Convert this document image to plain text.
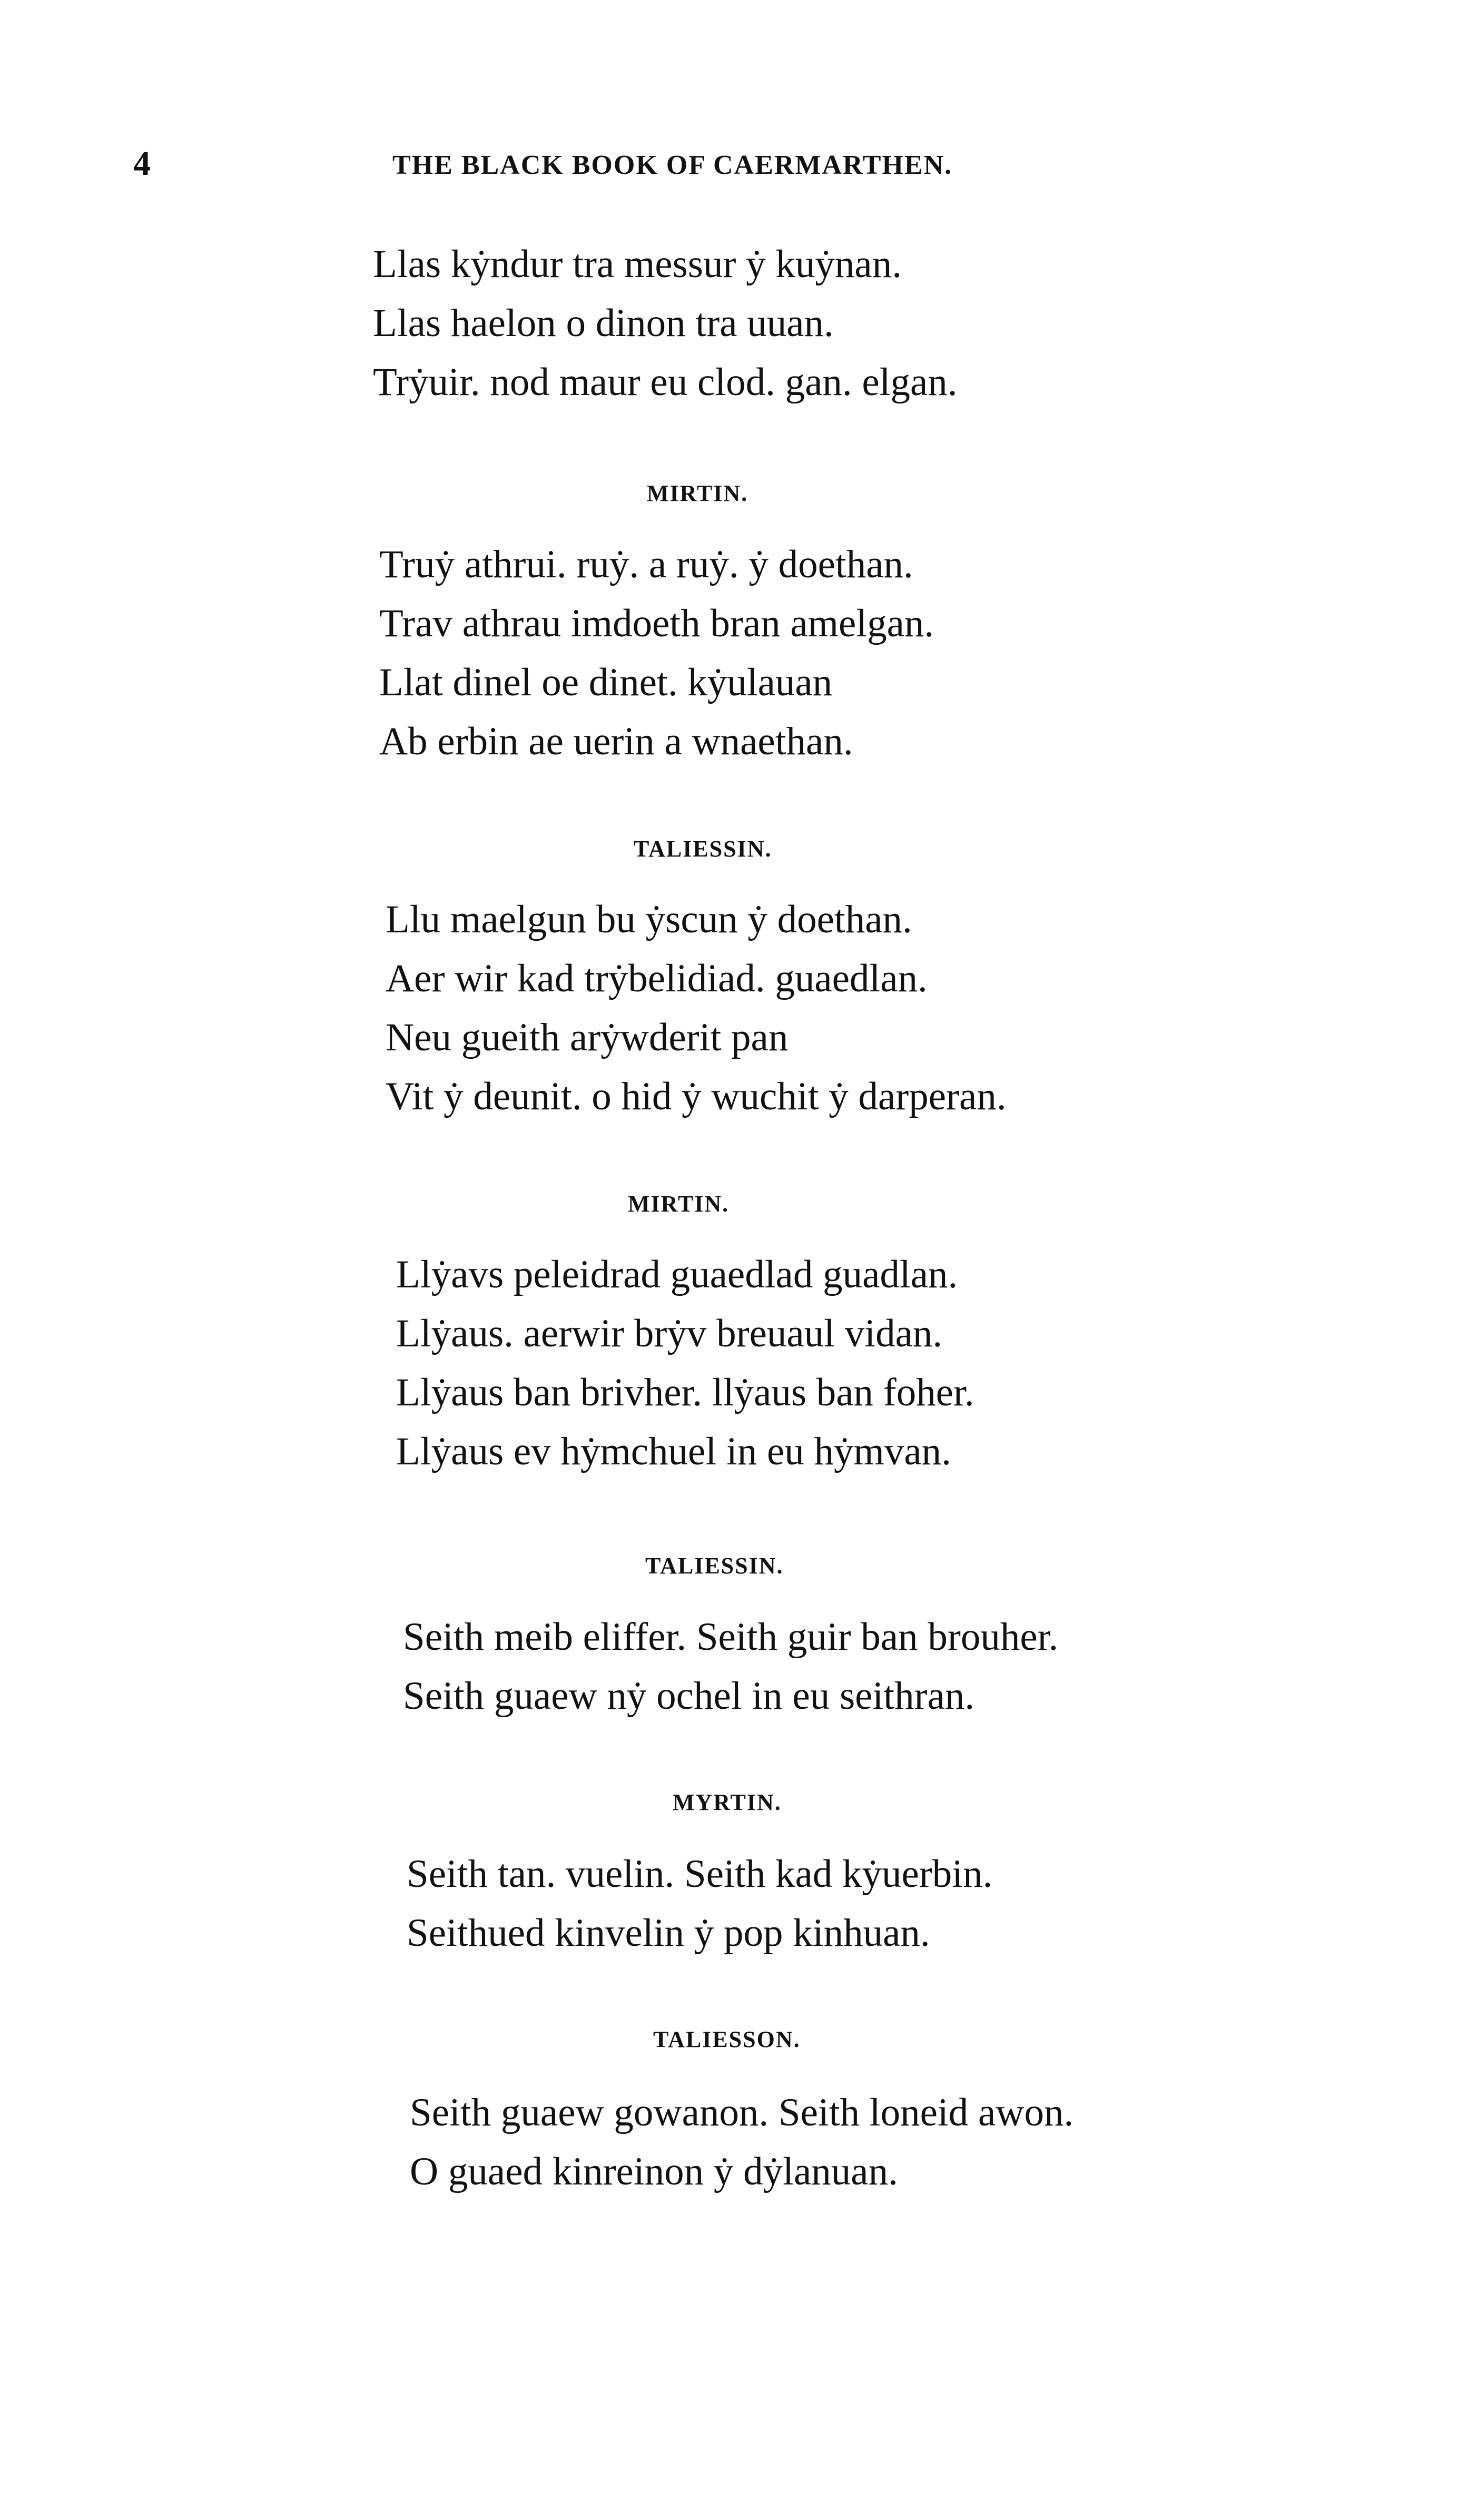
4	THE BLACK BOOK OF CAERMARTHEN.
Llas kẏndur tra messur ẏ kuẏnan.
Llas haelon o dinon tra uuan.
Trẏuir. nod maur eu clod. gan. elgan.
MIRTIN.
Truẏ athrui. ruẏ. a ruẏ. ẏ doethan.
Trav athrau imdoeth bran amelgan.
Llat dinel oe dinet. kẏulauan
Ab erbin ae uerin a wnaethan.
TALIESSIN.
Llu maelgun bu ẏscun ẏ doethan.
Aer wir kad trẏbelidiad. guaedlan.
Neu gueith arẏwderit pan
Vit ẏ deunit. o hid ẏ wuchit ẏ darperan.
MIRTIN.
Llẏavs peleidrad guaedlad guadlan.
Llẏaus. aerwir brẏv breuaul vidan.
Llẏaus ban brivher. llẏaus ban foher.
Llẏaus ev hẏmchuel in eu hẏmvan.
TALIESSIN.
Seith meib eliffer. Seith guir ban brouher.
Seith guaew nẏ ochel in eu seithran.
MYRTIN.
Seith tan. vuelin. Seith kad kẏuerbin.
Seithued kinvelin ẏ pop kinhuan.
TALIESSON.
Seith guaew gowanon. Seith loneid awon.
O guaed kinreinon ẏ dẏlanuan.
